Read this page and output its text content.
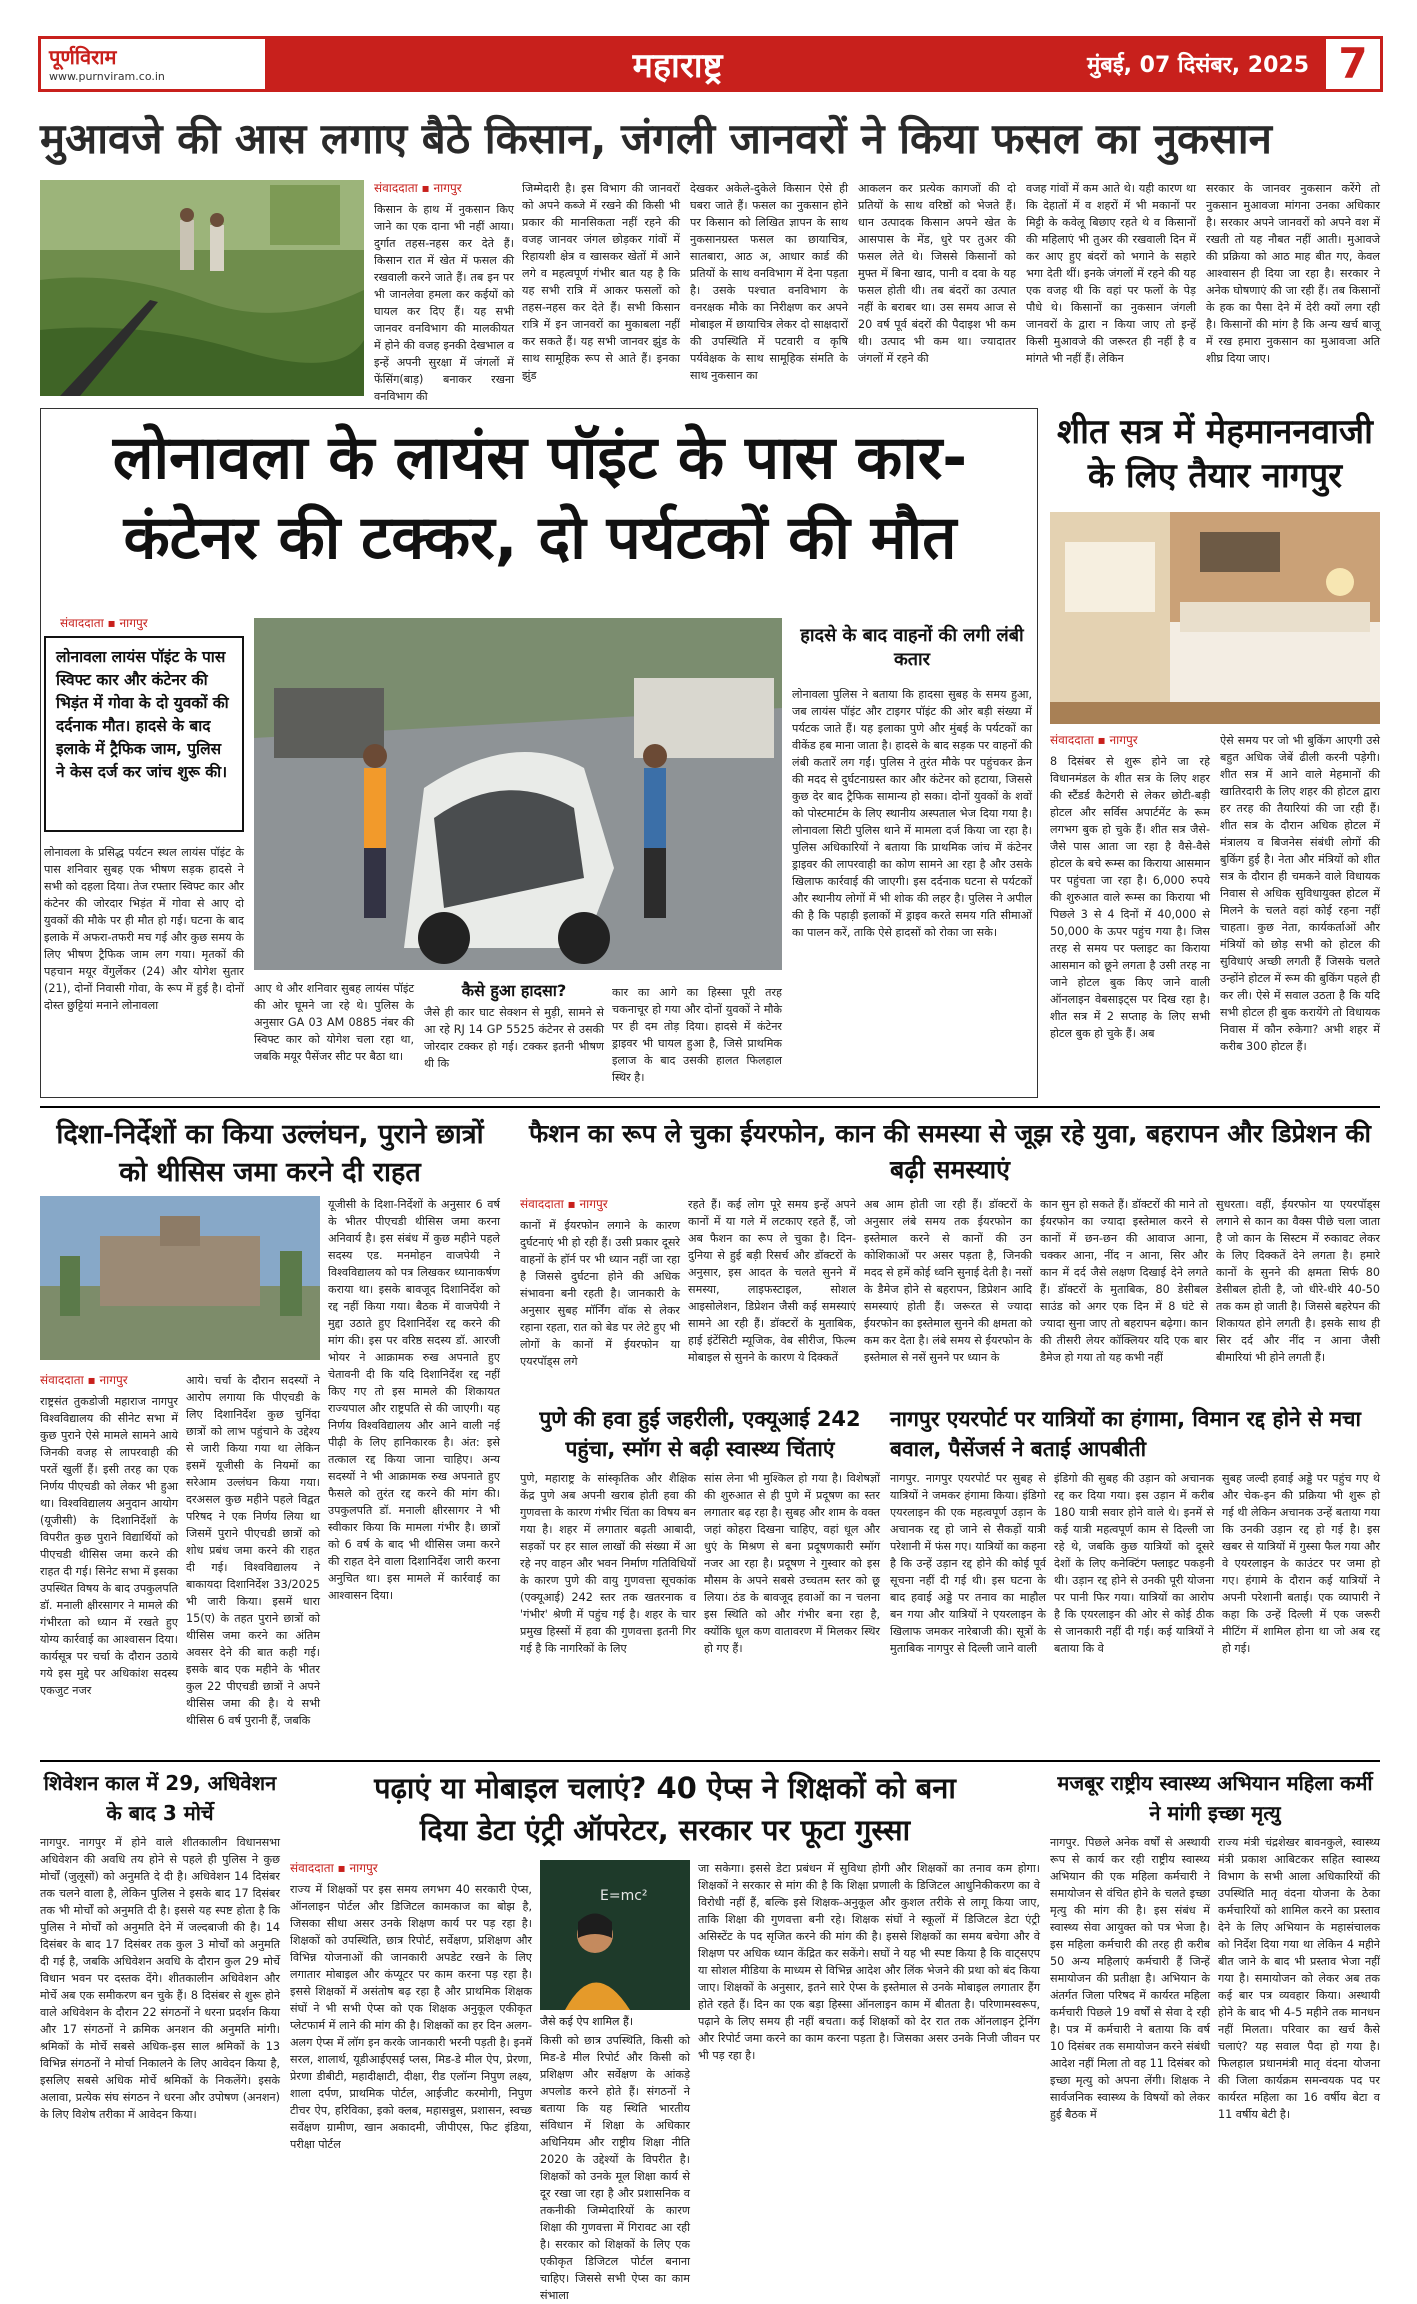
पूर्णविराम
www.purnviram.co.in	महाराष्ट्र	मुंबई, 07 दिसंबर, 2025 7
मुआवजे की आस लगाए बैठे किसान, जंगली जानवरों ने किया फसल का नुकसान
संवाददाता ▪ नागपुर
किसान के हाथ में नुकसान किए जाने का एक दाना भी नहीं आया। दुर्गात तहस-नहस कर देते हैं। किसान रात में खेत में फसल की रखवाली करने जाते हैं। तब इन पर भी जानलेवा हमला कर कईयों को घायल कर दिए हैं। यह सभी जानवर वनविभाग की मालकीयत में होने की वजह इनकी देखभाल व इन्हें अपनी सुरक्षा में जंगलों में फेंसिंग(बाड़) बनाकर रखना वनविभाग की
जिम्मेदारी है। इस विभाग की जानवरों को अपने कब्जे में रखने की किसी भी प्रकार की मानसिकता नहीं रहने की वजह जानवर जंगल छोड़कर गांवों में रिहायशी क्षेत्र व खासकर खेतों में आने लगे व महत्वपूर्ण गंभीर बात यह है कि यह सभी रात्रि में आकर फसलों को तहस-नहस कर देते हैं। सभी किसान रात्रि में इन जानवरों का मुकाबला नहीं कर सकते हैं। यह सभी जानवर झुंड के साथ सामूहिक रूप से आते हैं। इनका झुंड
देखकर अकेले-दुकेले किसान ऐसे ही घबरा जाते हैं। फसल का नुकसान होने पर किसान को लिखित ज्ञापन के साथ नुकसानग्रस्त फसल का छायाचित्र, सातबारा, आठ अ, आधार कार्ड की प्रतियों के साथ वनविभाग में देना पड़ता है। उसके पश्चात वनविभाग के वनरक्षक मौके का निरीक्षण कर अपने मोबाइल में छायाचित्र लेकर दो साक्षदारों की उपस्थिति में पटवारी व कृषि पर्यवेक्षक के साथ सामूहिक संमति के साथ नुकसान का
आकलन कर प्रत्येक कागजों की दो प्रतियों के साथ वरिष्ठों को भेजते हैं। धान उत्पादक किसान अपने खेत के आसपास के मेंड, धुरे पर तुअर की फसल लेते थे। जिससे किसानों को मुफ्त में बिना खाद, पानी व दवा के यह फसल होती थी। तब बंदरों का उत्पात नहीं के बराबर था। उस समय आज से 20 वर्ष पूर्व बंदरों की पैदाइश भी कम थी। उत्पाद भी कम था। ज्यादातर जंगलों में रहने की
वजह गांवों में कम आते थे। यही कारण था कि देहातों में व शहरों में भी मकानों पर मिट्टी के कवेलू बिछाए रहते थे व किसानों की महिलाएं भी तुअर की रखवाली दिन में कर आए हुए बंदरों को भगाने के सहारे भगा देती थीं। इनके जंगलों में रहने की यह एक वजह थी कि वहां पर फलों के पेड़ पौधे थे। किसानों का नुकसान जंगली जानवरों के द्वारा न किया जाए तो इन्हें किसी मुआवजे की जरूरत ही नहीं है व मांगते भी नहीं हैं। लेकिन
सरकार के जानवर नुकसान करेंगे तो नुकसान मुआवजा मांगना उनका अधिकार है। सरकार अपने जानवरों को अपने वश में रखती तो यह नौबत नहीं आती। मुआवजे की प्रक्रिया को आठ माह बीत गए, केवल आश्वासन ही दिया जा रहा है। सरकार ने अनेक घोषणाएं की जा रही हैं। तब किसानों के हक का पैसा देने में देरी क्यों लगा रही है। किसानों की मांग है कि अन्य खर्च बाजू में रख हमारा नुकसान का मुआवजा अति शीघ्र दिया जाए।
लोनावला के लायंस पॉइंट के पास कार-
कंटेनर की टक्कर, दो पर्यटकों की मौत
संवाददाता ▪ नागपुर
लोनावला लायंस पॉइंट के पास स्विफ्ट कार और कंटेनर की भिड़ंत में गोवा के दो युवकों की दर्दनाक मौत। हादसे के बाद इलाके में ट्रैफिक जाम, पुलिस ने केस दर्ज कर जांच शुरू की।
लोनावला के प्रसिद्ध पर्यटन स्थल लायंस पॉइंट के पास शनिवार सुबह एक भीषण सड़क हादसे ने सभी को दहला दिया। तेज रफ्तार स्विफ्ट कार और कंटेनर की जोरदार भिड़ंत में गोवा से आए दो युवकों की मौके पर ही मौत हो गई। घटना के बाद इलाके में अफरा-तफरी मच गई और कुछ समय के लिए भीषण ट्रैफिक जाम लग गया। मृतकों की पहचान मयूर वेंगुर्लेकर (24) और योगेश सुतार (21), दोनों निवासी गोवा, के रूप में हुई है। दोनों दोस्त छुट्टियां मनाने लोनावला
हादसे के बाद वाहनों की लगी लंबी कतार
लोनावला पुलिस ने बताया कि हादसा सुबह के समय हुआ, जब लायंस पॉइंट और टाइगर पॉइंट की ओर बड़ी संख्या में पर्यटक जाते हैं। यह इलाका पुणे और मुंबई के पर्यटकों का वीकेंड हब माना जाता है। हादसे के बाद सड़क पर वाहनों की लंबी कतारें लग गईं। पुलिस ने तुरंत मौके पर पहुंचकर क्रेन की मदद से दुर्घटनाग्रस्त कार और कंटेनर को हटाया, जिससे कुछ देर बाद ट्रैफिक सामान्य हो सका। दोनों युवकों के शवों को पोस्टमार्टम के लिए स्थानीय अस्पताल भेज दिया गया है। लोनावला सिटी पुलिस थाने में मामला दर्ज किया जा रहा है। पुलिस अधिकारियों ने बताया कि प्राथमिक जांच में कंटेनर ड्राइवर की लापरवाही का कोण सामने आ रहा है और उसके खिलाफ कार्रवाई की जाएगी। इस दर्दनाक घटना से पर्यटकों और स्थानीय लोगों में भी शोक की लहर है। पुलिस ने अपील की है कि पहाड़ी इलाकों में ड्राइव करते समय गति सीमाओं का पालन करें, ताकि ऐसे हादसों को रोका जा सके।
आए थे और शनिवार सुबह लायंस पॉइंट की ओर घूमने जा रहे थे। पुलिस के अनुसार GA 03 AM 0885 नंबर की स्विफ्ट कार को योगेश चला रहा था, जबकि मयूर पैसेंजर सीट पर बैठा था।
कैसे हुआ हादसा?
जैसे ही कार घाट सेक्शन से मुड़ी, सामने से आ रहे RJ 14 GP 5525 कंटेनर से उसकी जोरदार टक्कर हो गई। टक्कर इतनी भीषण थी कि
कार का आगे का हिस्सा पूरी तरह चकनाचूर हो गया और दोनों युवकों ने मौके पर ही दम तोड़ दिया। हादसे में कंटेनर ड्राइवर भी घायल हुआ है, जिसे प्राथमिक इलाज के बाद उसकी हालत फिलहाल स्थिर है।
शीत सत्र में मेहमाननवाजी के लिए तैयार नागपुर
संवाददाता ▪ नागपुर
8 दिसंबर से शुरू होने जा रहे विधानमंडल के शीत सत्र के लिए शहर की स्टैंडर्ड कैटेगरी से लेकर छोटी-बड़ी होटल और सर्विस अपार्टमेंट के रूम लगभग बुक हो चुके हैं। शीत सत्र जैसे-जैसे पास आता जा रहा है वैसे-वैसे होटल के बचे रूम्स का किराया आसमान पर पहुंचता जा रहा है। 6,000 रुपये की शुरुआत वाले रूम्स का किराया भी पिछले 3 से 4 दिनों में 40,000 से 50,000 के ऊपर पहुंच गया है। जिस तरह से समय पर फ्लाइट का किराया आसमान को छूने लगता है उसी तरह ना जाने होटल बुक किए जाने वाली ऑनलाइन वेबसाइट्स पर दिख रहा है। शीत सत्र में 2 सप्ताह के लिए सभी होटल बुक हो चुके हैं। अब
ऐसे समय पर जो भी बुकिंग आएगी उसे बहुत अधिक जेबें ढीली करनी पड़ेगी। शीत सत्र में आने वाले मेहमानों की खातिरदारी के लिए शहर की होटल द्वारा हर तरह की तैयारियां की जा रही हैं। शीत सत्र के दौरान अधिक होटल में मंत्रालय व बिजनेस संबंधी लोगों की बुकिंग हुई है। नेता और मंत्रियों को शीत सत्र के दौरान ही चमकने वाले विधायक निवास से अधिक सुविधायुक्त होटल में मिलने के चलते वहां कोई रहना नहीं चाहता। कुछ नेता, कार्यकर्ताओं और मंत्रियों को छोड़ सभी को होटल की सुविधाएं अच्छी लगती हैं जिसके चलते उन्होंने होटल में रूम की बुकिंग पहले ही कर ली। ऐसे में सवाल उठता है कि यदि सभी होटल ही बुक करायेंगे तो विधायक निवास में कौन रुकेगा? अभी शहर में करीब 300 होटल हैं।
दिशा-निर्देशों का किया उल्लंघन, पुराने छात्रों को थीसिस जमा करने दी राहत
संवाददाता ▪ नागपुर
राष्ट्रसंत तुकडोजी महाराज नागपुर विश्वविद्यालय की सीनेट सभा में कुछ पुराने ऐसे मामले सामने आये जिनकी वजह से लापरवाही की परतें खुलीं हैं। इसी तरह का एक निर्णय पीएचडी को लेकर भी हुआ था। विश्वविद्यालय अनुदान आयोग (यूजीसी) के दिशानिर्देशों के विपरीत कुछ पुराने विद्यार्थियों को पीएचडी थीसिस जमा करने की राहत दी गई। सिनेट सभा में इसका उपस्थित विषय के बाद उपकुलपति डॉ. मनाली क्षीरसागर ने मामले की गंभीरता को ध्यान में रखते हुए योग्य कार्रवाई का आश्वासन दिया। कार्यसूत्र पर चर्चा के दौरान उठाये गये इस मुद्दे पर अधिकांश सदस्य एकजुट नजर
आये। चर्चा के दौरान सदस्यों ने आरोप लगाया कि पीएचडी के लिए दिशानिर्देश कुछ चुनिंदा छात्रों को लाभ पहुंचाने के उद्देश्य से जारी किया गया था लेकिन इसमें यूजीसी के नियमों का सरेआम उल्लंघन किया गया। दरअसल कुछ महीने पहले विद्वत परिषद ने एक निर्णय लिया था जिसमें पुराने पीएचडी छात्रों को शोध प्रबंध जमा करने की राहत दी गई। विश्वविद्यालय ने बाकायदा दिशानिर्देश 33/2025 भी जारी किया। इसमें धारा 15(ए) के तहत पुराने छात्रों को थीसिस जमा करने का अंतिम अवसर देने की बात कही गई। इसके बाद एक महीने के भीतर कुल 22 पीएचडी छात्रों ने अपने थीसिस जमा की है। ये सभी थीसिस 6 वर्ष पुरानी हैं, जबकि
यूजीसी के दिशा-निर्देशों के अनुसार 6 वर्ष के भीतर पीएचडी थीसिस जमा करना अनिवार्य है। इस संबंध में कुछ महीने पहले सदस्य एड. मनमोहन वाजपेयी ने विश्वविद्यालय को पत्र लिखकर ध्यानाकर्षण कराया था। इसके बावजूद दिशानिर्देश को रद्द नहीं किया गया। बैठक में वाजपेयी ने मुद्दा उठाते हुए दिशानिर्देश रद्द करने की मांग की। इस पर वरिष्ठ सदस्य डॉ. आरजी भोयर ने आक्रामक रुख अपनाते हुए चेतावनी दी कि यदि दिशानिर्देश रद्द नहीं किए गए तो इस मामले की शिकायत राज्यपाल और राष्ट्रपति से की जाएगी। यह निर्णय विश्वविद्यालय और आने वाली नई पीढ़ी के लिए हानिकारक है। अंत: इसे तत्काल रद्द किया जाना चाहिए। अन्य सदस्यों ने भी आक्रामक रुख अपनाते हुए फैसले को तुरंत रद्द करने की मांग की। उपकुलपति डॉ. मनाली क्षीरसागर ने भी स्वीकार किया कि मामला गंभीर है। छात्रों को 6 वर्ष के बाद भी थीसिस जमा करने की राहत देने वाला दिशानिर्देश जारी करना अनुचित था। इस मामले में कार्रवाई का आश्वासन दिया।
फैशन का रूप ले चुका ईयरफोन, कान की समस्या से जूझ रहे युवा, बहरापन और डिप्रेशन की बढ़ी समस्याएं
संवाददाता ▪ नागपुर
कानों में ईयरफोन लगाने के कारण दुर्घटनाएं भी हो रही हैं। उसी प्रकार दूसरे वाहनों के हॉर्न पर भी ध्यान नहीं जा रहा है जिससे दुर्घटना होने की अधिक संभावना बनी रहती है। जानकारी के अनुसार सुबह मॉर्निंग वॉक से लेकर रहाना रहता, रात को बेड पर लेटे हुए भी लोगों के कानों में ईयरफोन या एयरपॉड्स लगे
रहते हैं। कई लोग पूरे समय इन्हें अपने कानों में या गले में लटकाए रहते हैं, जो अब फैशन का रूप ले चुका है। दिन-दुनिया से हुई बड़ी रिसर्च और डॉक्टरों के अनुसार, इस आदत के चलते सुनने में समस्या, लाइफस्टाइल, सोशल आइसोलेशन, डिप्रेशन जैसी कई समस्याएं सामने आ रही हैं। डॉक्टरों के मुताबिक, हाई इंटेंसिटी म्यूजिक, वेब सीरीज, फिल्म मोबाइल से सुनने के कारण ये दिक्कतें
अब आम होती जा रही हैं। डॉक्टरों के अनुसार लंबे समय तक ईयरफोन का इस्तेमाल करने से कानों की उन कोशिकाओं पर असर पड़ता है, जिनकी मदद से हमें कोई ध्वनि सुनाई देती है। नसों के डैमेज होने से बहरापन, डिप्रेशन आदि समस्याएं होती हैं। जरूरत से ज्यादा ईयरफोन का इस्तेमाल सुनने की क्षमता को कम कर देता है। लंबे समय से ईयरफोन के इस्तेमाल से नसें सुनने पर ध्यान के
कान सुन हो सकते हैं। डॉक्टरों की माने तो ईयरफोन का ज्यादा इस्तेमाल करने से कानों में छन-छन की आवाज आना, चक्कर आना, नींद न आना, सिर और कान में दर्द जैसे लक्षण दिखाई देने लगते हैं। डॉक्टरों के मुताबिक, 80 डेसीबल साउंड को अगर एक दिन में 8 घंटे से ज्यादा सुना जाए तो बहरापन बढ़ेगा। कान की तीसरी लेयर कॉक्लियर यदि एक बार डैमेज हो गया तो यह कभी नहीं
सुधरता। वहीं, ईयरफोन या एयरपॉड्स लगाने से कान का वैक्स पीछे चला जाता है जो कान के सिस्टम में रुकावट लेकर के लिए दिक्कतें देने लगता है। हमारे कानों के सुनने की क्षमता सिर्फ 80 डेसीबल होती है, जो धीरे-धीरे 40-50 तक कम हो जाती है। जिससे बहरेपन की शिकायत होने लगती है। इसके साथ ही सिर दर्द और नींद न आना जैसी बीमारियां भी होने लगती हैं।
पुणे की हवा हुई जहरीली, एक्यूआई 242 पहुंचा, स्मॉग से बढ़ी स्वास्थ्य चिंताएं
पुणे, महाराष्ट्र के सांस्कृतिक और शैक्षिक केंद्र पुणे अब अपनी खराब होती हवा की गुणवत्ता के कारण गंभीर चिंता का विषय बन गया है। शहर में लगातार बढ़ती आबादी, सड़कों पर हर साल लाखों की संख्या में आ रहे नए वाहन और भवन निर्माण गतिविधियों के कारण पुणे की वायु गुणवत्ता सूचकांक (एक्यूआई) 242 स्तर तक खतरनाक व 'गंभीर' श्रेणी में पहुंच गई है। शहर के चार प्रमुख हिस्सों में हवा की गुणवत्ता इतनी गिर गई है कि नागरिकों के लिए
सांस लेना भी मुश्किल हो गया है। विशेषज्ञों की शुरुआत से ही पुणे में प्रदूषण का स्तर लगातार बढ़ रहा है। सुबह और शाम के वक्त जहां कोहरा दिखना चाहिए, वहां धूल और धुएं के मिश्रण से बना प्रदूषणकारी स्मॉग नजर आ रहा है। प्रदूषण ने गुस्वार को इस मौसम के अपने सबसे उच्चतम स्तर को छू लिया। ठंड के बावजूद हवाओं का न चलना इस स्थिति को और गंभीर बना रहा है, क्योंकि धूल कण वातावरण में मिलकर स्थिर हो गए हैं।
नागपुर एयरपोर्ट पर यात्रियों का हंगामा, विमान रद्द होने से मचा बवाल, पैसेंजर्स ने बताई आपबीती
नागपुर. नागपुर एयरपोर्ट पर सुबह से यात्रियों ने जमकर हंगामा किया। इंडिगो एयरलाइन की एक महत्वपूर्ण उड़ान के अचानक रद्द हो जाने से सैकड़ों यात्री परेशानी में फंस गए। यात्रियों का कहना है कि उन्हें उड़ान रद्द होने की कोई पूर्व सूचना नहीं दी गई थी। इस घटना के बाद हवाई अड्डे पर तनाव का माहौल बन गया और यात्रियों ने एयरलाइन के खिलाफ जमकर नारेबाजी की। सूत्रों के मुताबिक नागपुर से दिल्ली जाने वाली
इंडिगो की सुबह की उड़ान को अचानक रद्द कर दिया गया। इस उड़ान में करीब 180 यात्री सवार होने वाले थे। इनमें से कई यात्री महत्वपूर्ण काम से दिल्ली जा रहे थे, जबकि कुछ यात्रियों को दूसरे देशों के लिए कनेक्टिंग फ्लाइट पकड़नी थी। उड़ान रद्द होने से उनकी पूरी योजना पर पानी फिर गया। यात्रियों का आरोप है कि एयरलाइन की ओर से कोई ठीक से जानकारी नहीं दी गई। कई यात्रियों ने बताया कि वे
सुबह जल्दी हवाई अड्डे पर पहुंच गए थे और चेक-इन की प्रक्रिया भी शुरू हो गई थी लेकिन अचानक उन्हें बताया गया कि उनकी उड़ान रद्द हो गई है। इस खबर से यात्रियों में गुस्सा फैल गया और वे एयरलाइन के काउंटर पर जमा हो गए। हंगामे के दौरान कई यात्रियों ने अपनी परेशानी बताई। एक व्यापारी ने कहा कि उन्हें दिल्ली में एक जरूरी मीटिंग में शामिल होना था जो अब रद्द हो गई।
शिवेशन काल में 29, अधिवेशन के बाद 3 मोर्चे
नागपुर. नागपुर में होने वाले शीतकालीन विधानसभा अधिवेशन की अवधि तय होने से पहले ही पुलिस ने कुछ मोर्चों (जुलूसों) को अनुमति दे दी है। अधिवेशन 14 दिसंबर तक चलने वाला है, लेकिन पुलिस ने इसके बाद 17 दिसंबर तक भी मोर्चों को अनुमति दी है। इससे यह स्पष्ट होता है कि पुलिस ने मोर्चों को अनुमति देने में जल्दबाजी की है। 14 दिसंबर के बाद 17 दिसंबर तक कुल 3 मोर्चों को अनुमति दी गई है, जबकि अधिवेशन अवधि के दौरान कुल 29 मोर्चे विधान भवन पर दस्तक देंगे। शीतकालीन अधिवेशन और मोर्चे अब एक समीकरण बन चुके हैं। 8 दिसंबर से शुरू होने वाले अधिवेशन के दौरान 22 संगठनों ने धरना प्रदर्शन किया और 17 संगठनों ने क्रमिक अनशन की अनुमति मांगी। श्रमिकों के मोर्चे सबसे अधिक-इस साल श्रमिकों के 13 विभिन्न संगठनों ने मोर्चा निकालने के लिए आवेदन किया है, इसलिए सबसे अधिक मोर्चे श्रमिकों के निकलेंगे। इसके अलावा, प्रत्येक संघ संगठन ने धरना और उपोषण (अनशन) के लिए विशेष तरीका में आवेदन किया।
पढ़ाएं या मोबाइल चलाएं? 40 ऐप्स ने शिक्षकों को बना
दिया डेटा एंट्री ऑपरेटर, सरकार पर फूटा गुस्सा
संवाददाता ▪ नागपुर
राज्य में शिक्षकों पर इस समय लगभग 40 सरकारी ऐप्स, ऑनलाइन पोर्टल और डिजिटल कामकाज का बोझ है, जिसका सीधा असर उनके शिक्षण कार्य पर पड़ रहा है। शिक्षकों को उपस्थिति, छात्र रिपोर्ट, सर्वेक्षण, प्रशिक्षण और विभिन्न योजनाओं की जानकारी अपडेट रखने के लिए लगातार मोबाइल और कंप्यूटर पर काम करना पड़ रहा है। इससे शिक्षकों में असंतोष बढ़ रहा है और प्राथमिक शिक्षक संघों ने भी सभी ऐप्स को एक शिक्षक अनुकूल एकीकृत प्लेटफार्म में लाने की मांग की है। शिक्षकों का हर दिन अलग-अलग ऐप्स में लॉग इन करके जानकारी भरनी पड़ती है। इनमें सरल, शालार्थ, यूडीआईएसई प्लस, मिड-डे मील ऐप, प्रेरणा, प्रेरणा डीबीटी, महादीक्षाटी, दीक्षा, रीड एलॉन्ग निपुण लक्ष्य, शाला दर्पण, प्राथमिक पोर्टल, आईजीट करमोगी, निपुण टीचर ऐप, हरिविका, इको क्लब, महासन्नुस, प्रशासन, स्वच्छ सर्वेक्षण ग्रामीण, खान अकादमी, जीपीएस, फिट इंडिया, परीक्षा पोर्टल
E=mc²
जैसे कई ऐप शामिल हैं।
किसी को छात्र उपस्थिति, किसी को मिड-डे मील रिपोर्ट और किसी को प्रशिक्षण और सर्वेक्षण के आंकड़े अपलोड करने होते हैं। संगठनों ने बताया कि यह स्थिति भारतीय संविधान में शिक्षा के अधिकार अधिनियम और राष्ट्रीय शिक्षा नीति 2020 के उद्देश्यों के विपरीत है। शिक्षकों को उनके मूल शिक्षा कार्य से दूर रखा जा रहा है और प्रशासनिक व तकनीकी जिम्मेदारियों के कारण शिक्षा की गुणवत्ता में गिरावट आ रही है। सरकार को शिक्षकों के लिए एक एकीकृत डिजिटल पोर्टल बनाना चाहिए। जिससे सभी ऐप्स का काम संभाला
जा सकेगा। इससे डेटा प्रबंधन में सुविधा होगी और शिक्षकों का तनाव कम होगा। शिक्षकों ने सरकार से मांग की है कि शिक्षा प्रणाली के डिजिटल आधुनिकीकरण का वे विरोधी नहीं हैं, बल्कि इसे शिक्षक-अनुकूल और कुशल तरीके से लागू किया जाए, ताकि शिक्षा की गुणवत्ता बनी रहे। शिक्षक संघों ने स्कूलों में डिजिटल डेटा एंट्री असिस्टेंट के पद सृजित करने की मांग की है। इससे शिक्षकों का समय बचेगा और वे शिक्षण पर अधिक ध्यान केंद्रित कर सकेंगे। सघों ने यह भी स्पष्ट किया है कि वाट्सएप या सोशल मीडिया के माध्यम से विभिन्न आदेश और लिंक भेजने की प्रथा को बंद किया जाए। शिक्षकों के अनुसार, इतने सारे ऐप्स के इस्तेमाल से उनके मोबाइल लगातार हैंग होते रहते हैं। दिन का एक बड़ा हिस्सा ऑनलाइन काम में बीतता है। परिणामस्वरूप, पढ़ाने के लिए समय ही नहीं बचता। कई शिक्षकों को देर रात तक ऑनलाइन ट्रेनिंग और रिपोर्ट जमा करने का काम करना पड़ता है। जिसका असर उनके निजी जीवन पर भी पड़ रहा है।
मजबूर राष्ट्रीय स्वास्थ्य अभियान महिला कर्मी ने मांगी इच्छा मृत्यु
नागपुर. पिछले अनेक वर्षों से अस्थायी रूप से कार्य कर रही राष्ट्रीय स्वास्थ्य अभियान की एक महिला कर्मचारी ने समायोजन से वंचित होने के चलते इच्छा मृत्यु की मांग की है। इस संबंध में स्वास्थ्य सेवा आयुक्त को पत्र भेजा है। इस महिला कर्मचारी की तरह ही करीब 50 अन्य महिलाएं कर्मचारी हैं जिन्हें समायोजन की प्रतीक्षा है। अभियान के अंतर्गत जिला परिषद में कार्यरत महिला कर्मचारी पिछले 19 वर्षों से सेवा दे रही है। पत्र में कर्मचारी ने बताया कि वर्ष 10 दिसंबर तक समायोजन करने संबंधी आदेश नहीं मिला तो वह 11 दिसंबर को इच्छा मृत्यु को अपना लेंगी। शिक्षक ने सार्वजनिक स्वास्थ्य के विषयों को लेकर हुई बैठक में
राज्य मंत्री चंद्रशेखर बावनकुले, स्वास्थ्य मंत्री प्रकाश आबिटकर सहित स्वास्थ्य विभाग के सभी आला अधिकारियों की उपस्थिति मातृ वंदना योजना के ठेका कर्मचारियों को शामिल करने का प्रस्ताव देने के लिए अभियान के महासंचालक को निर्देश दिया गया था लेकिन 4 महीने बीत जाने के बाद भी प्रस्ताव भेजा नहीं गया है। समायोजन को लेकर अब तक कई बार पत्र व्यवहार किया। अस्थायी होने के बाद भी 4-5 महीने तक मानधन नहीं मिलता। परिवार का खर्च कैसे चलाएं? यह सवाल पैदा हो गया है। फिलहाल प्रधानमंत्री मातृ वंदना योजना की जिला कार्यक्रम समन्वयक पद पर कार्यरत महिला का 16 वर्षीय बेटा व 11 वर्षीय बेटी है।
